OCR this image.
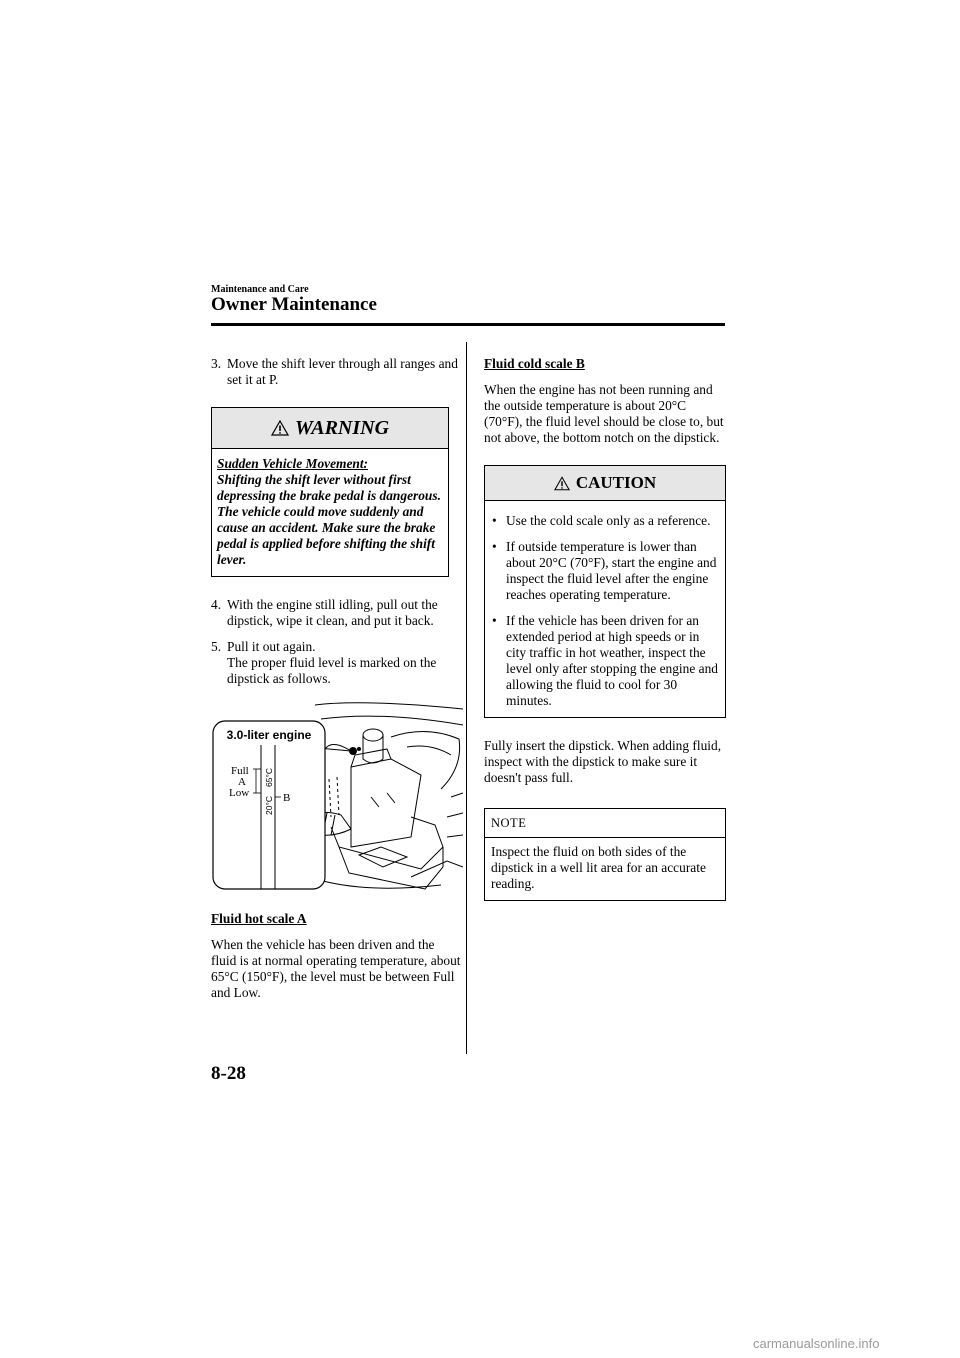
Maintenance and Care
Owner Maintenance
3. Move the shift lever through all ranges and set it at P.
WARNING
Sudden Vehicle Movement:
Shifting the shift lever without first depressing the brake pedal is dangerous. The vehicle could move suddenly and cause an accident. Make sure the brake pedal is applied before shifting the shift lever.
4. With the engine still idling, pull out the dipstick, wipe it clean, and put it back.
5. Pull it out again.
The proper fluid level is marked on the dipstick as follows.
3.0-liter engine
Full
A
Low	B
65°C
20°C
Fluid hot scale A

When the vehicle has been driven and the fluid is at normal operating temperature, about 65°C (150°F), the level must be between Full and Low.

Fluid cold scale B

When the engine has not been running and the outside temperature is about 20°C (70°F), the fluid level should be close to, but not above, the bottom notch on the dipstick.

CAUTION
• Use the cold scale only as a reference.
• If outside temperature is lower than about 20°C (70°F), start the engine and inspect the fluid level after the engine reaches operating temperature.
• If the vehicle has been driven for an extended period at high speeds or in city traffic in hot weather, inspect the level only after stopping the engine and allowing the fluid to cool for 30 minutes.

Fully insert the dipstick. When adding fluid, inspect with the dipstick to make sure it doesn't pass full.

NOTE
Inspect the fluid on both sides of the dipstick in a well lit area for an accurate reading.
8-28
carmanualsonline.info
